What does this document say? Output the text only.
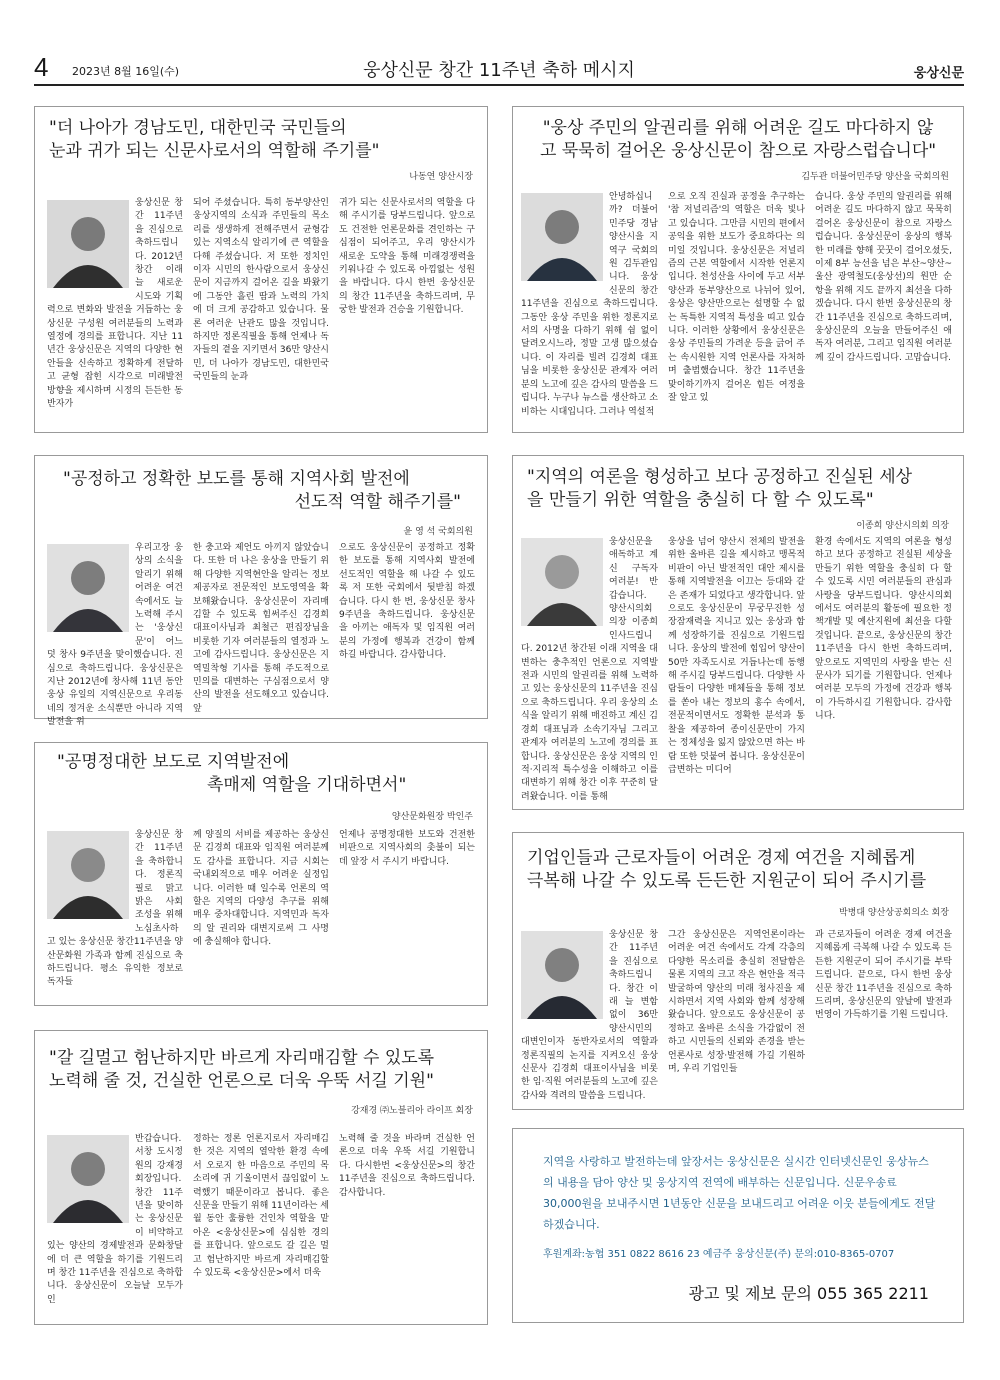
4 2023년 8월 16일(수)	웅상신문 창간 11주년 축하 메시지	웅상신문
"더 나아가 경남도민, 대한민국 국민들의
눈과 귀가 되는 신문사로서의 역할해 주기를"
나동연 양산시장

웅상신문 창간 11주년을 진심으로 축하드립니다. 2012년 창간 이래 늘 새로운 시도와 기획력으로 변화와 발전을 거듭하는 웅상신문 구성원 여러분들의 노력과 열정에 경의를 표합니다. 지난 11년간 웅상신문은 지역의 다양한 현안들을 신속하고 정확하게 전달하고 균형 잡힌 시각으로 미래발전 방향을 제시하며 시정의 든든한 동반자가

되어 주셨습니다. 특히 동부양산인 웅상지역의 소식과 주민들의 목소리를 생생하게 전해주면서 균형감 있는 지역소식 알리기에 큰 역할을 다해 주셨습니다. 저 또한 정치인이자 시민의 한사람으로서 웅상신문이 지금까지 걸어온 길을 봐왔기에 그동안 흘린 땀과 노력의 가치에 더 크게 공감하고 있습니다. 물론 여러운 난관도 많을 것입니다. 하지만 정론직필을 통해 언제나 독자들의 곁을 지키면서 36만 양산시민, 더 나아가 경남도민, 대한민국 국민들의 눈과

귀가 되는 신문사로서의 역할을 다해 주시기를 당부드립니다. 앞으로도 건전한 언론문화를 견인하는 구심점이 되어주고, 우리 양산시가 새로운 도약을 통해 미래경쟁력을 키워나갈 수 있도록 아낌없는 성원을 바랍니다. 다시 한번 웅상신문의 창간 11주년을 축하드리며, 무궁한 발전과 건승을 기원합니다.

"웅상 주민의 알권리를 위해 어려운 길도 마다하지 않
고 묵묵히 걸어온 웅상신문이 참으로 자랑스럽습니다"
김두관 더불어민주당 양산을 국회의원

안녕하십니까? 더불어민주당 경남 양산시을 지역구 국회의원 김두관입니다. 웅상신문의 창간 11주년을 진심으로 축하드립니다. 그동안 웅상 주민을 위한 정론지로서의 사명을 다하기 위해 쉼 없이 달려오시느라, 정말 고생 많으셨습니다. 이 자리를 빌려 김경희 대표님을 비롯한 웅상신문 관계자 여러분의 노고에 깊은 감사의 말씀을 드립니다. 누구나 뉴스를 생산하고 소비하는 시대입니다. 그러나 역설적

으로 오직 진실과 공정을 추구하는 '참 저널리즘'의 역할은 더욱 빛나고 있습니다. 그만큼 시민의 편에서 공익을 위한 보도가 중요하다는 의미일 것입니다. 웅상신문은 저널리즘의 근본 역할에서 시작한 언론지입니다. 천성산을 사이에 두고 서부 양산과 동부양산으로 나뉘어 있어, 웅상은 양산만으로는 설명할 수 없는 독특한 지역적 특성을 띠고 있습니다. 이러한 상황에서 웅상신문은 웅상 주민들의 가려운 등을 긁어 주는 속시원한 지역 언론사를 자처하며 출범했습니다. 창간 11주년을 맞이하기까지 걸어온 힘든 여정을 잘 알고 있

습니다. 웅상 주민의 알권리를 위해 어려운 길도 마다하지 않고 묵묵히 걸어온 웅상신문이 참으로 자랑스럽습니다. 웅상신문이 웅상의 행복한 미래를 향해 꿋꿋이 걸어오셨듯, 이제 8부 능선을 넘은 부산~양산~울산 광역철도(웅상선)의 원만 순항을 위해 지도 끝까지 최선을 다하겠습니다. 다시 한번 웅상신문의 창간 11주년을 진심으로 축하드리며, 웅상신문의 오늘을 만들어주신 애독자 여러분, 그리고 임직원 여러분께 깊이 감사드립니다. 고맙습니다.

"공정하고 정확한 보도를 통해 지역사회 발전에
선도적 역할 해주기를"
윤 영 석 국회의원

우리고장 웅상의 소식을 알리기 위해 어려운 여건 속에서도 늘 노력해 주시는 '웅상신문'이 어느덧 창사 9주년을 맞이했습니다. 진심으로 축하드립니다. 웅상신문은 지난 2012년에 창사해 11년 동안 웅상 유일의 지역신문으로 우리동네의 정겨운 소식뿐만 아니라 지역 발전을 위

한 충고와 제언도 아끼지 않았습니다. 또한 더 나은 웅상을 만들기 위해 다양한 지역현안을 알리는 정보제공자로 전문적인 보도영역을 확보해왔습니다. 웅상신문이 자리매김할 수 있도록 힘써주신 김경희 대표이사님과 최철근 편집장님을 비롯한 기자 여러분들의 열정과 노고에 감사드립니다. 웅상신문은 지역밀착형 기사를 통해 주도적으로 민의를 대변하는 구심점으로서 양산의 발전을 선도해오고 있습니다. 앞

으로도 웅상신문이 공정하고 정확한 보도를 통해 지역사회 발전에 선도적인 역할을 해 나갈 수 있도록 저 또한 국회에서 뒷받침 하겠습니다. 다시 한 번, 웅상신문 창사 9주년을 축하드립니다. 웅상신문을 아끼는 애독자 및 임직원 여러분의 가정에 행복과 건강이 함께 하길 바랍니다. 감사합니다.

"지역의 여론을 형성하고 보다 공정하고 진실된 세상
을 만들기 위한 역할을 충실히 다 할 수 있도록"
이종희 양산시의회 의장

웅상신문을 애독하고 계신 구독자 여러분! 반갑습니다. 양산시의회 의장 이종희 인사드립니다. 2012년 창간된 이래 지역을 대변하는 충추적인 언론으로 지역발전과 시민의 알권리를 위해 노력하고 있는 웅상신문의 11주년을 진심으로 축하드립니다. 우리 웅상의 소식을 알리기 위해 매진하고 계신 김경희 대표님과 소속기자님 그리고 관계자 여러분의 노고에 경의를 표합니다. 웅상신문은 웅상 지역의 인적·지리적 특수성을 이해하고 이를 대변하기 위해 창간 이후 꾸준히 달려왔습니다. 이를 통해

웅상을 넘어 양산시 전체의 발전을 위한 올바른 길을 제시하고 맹목적 비판이 아닌 발전적인 대안 제시를 통해 지역발전을 이끄는 등대와 같은 존재가 되었다고 생각합니다. 앞으로도 웅상신문이 무궁무진한 성장잠재력을 지니고 있는 웅상과 함께 성장하기를 진심으로 기원드립니다. 웅상의 발전에 힘입어 양산이 50만 자족도시로 거듭나는데 동행해 주시길 당부드립니다. 다양한 사람들이 다양한 매체들을 통해 정보를 쏟아 내는 정보의 홍수 속에서, 전문적이면서도 정확한 분석과 통찰을 제공하여 종이신문만이 가지는 정체성을 잃지 않았으면 하는 바람 또한 덧붙여 봅니다. 웅상신문이 급변하는 미디어

환경 속에서도 지역의 여론을 형성하고 보다 공정하고 진실된 세상을 만들기 위한 역할을 충실히 다 할 수 있도록 시민 여러분들의 관심과 사랑을 당부드립니다. 양산시의회에서도 여러분의 활동에 필요한 정책개발 및 예산지원에 최선을 다할 것입니다. 끝으로, 웅상신문의 창간 11주년을 다시 한번 축하드리며, 앞으로도 지역민의 사랑을 받는 신문사가 되기를 기원합니다. 언제나 여러분 모두의 가정에 건강과 행복이 가득하시길 기원합니다. 감사합니다.

"공명정대한 보도로 지역발전에
촉매제 역할을 기대하면서"
양산문화원장 박인주

웅상신문 창간 11주년을 축하합니다. 정론직필로 맑고 밝은 사회 조성을 위해 노심초사하고 있는 웅상신문 창간11주년을 양산문화원 가족과 함께 진심으로 축하드립니다. 평소 유익한 정보로 독자들

께 양질의 서비를 제공하는 웅상신문 김경희 대표와 임직원 여러분께도 감사를 표합니다. 지금 시회는 국내외적으로 매우 어려운 실정입니다. 이러한 때 일수록 언론의 역할은 지역의 다양성 추구를 위해 매우 중차대합니다. 지역민과 독자의 알 권리와 대변지로써 그 사명에 충실해야 합니다.

언제나 공명정대한 보도와 건전한 비판으로 지역사회의 촛불이 되는데 앞장 서 주시기 바랍니다.	기업인들과 근로자들이 어려운 경제 여건을 지혜롭게
극복해 나갈 수 있도록 든든한 지원군이 되어 주시기를
박병대 양산상공회의소 회장

웅상신문 창간 11주년을 진심으로 축하드립니다. 창간 이래 늘 변함없이 36만 양산시민의 대변인이자 동반자로서의 역할과 정론직필의 논지를 지켜오신 웅상신문사 김경희 대표이사님을 비롯한 임·직원 여러분들의 노고에 깊은 감사와 격려의 말씀을 드립니다.

그간 웅상신문은 지역언론이라는 어려운 여건 속에서도 각계 각층의 다양한 목소리를 충실히 전달함은 물론 지역의 크고 작은 현안을 적극 발굴하여 양산의 미래 청사진을 제시하면서 지역 사회와 함께 성장해 왔습니다. 앞으로도 웅상신문이 공정하고 올바른 소식을 가감없이 전하고 시민들의 신뢰와 존경을 받는 언론사로 성장·발전해 가길 기원하며, 우리 기업인들

과 근로자들이 어려운 경제 여건을 지혜롭게 극복해 나갈 수 있도록 든든한 지원군이 되어 주시기를 부탁드립니다. 끝으로, 다시 한번 웅상신문 창간 11주년을 진심으로 축하드리며, 웅상신문의 앞날에 발전과 번영이 가득하기를 기원 드립니다.

"갈 길멀고 험난하지만 바르게 자리매김할 수 있도록
노력해 줄 것, 건실한 언론으로 더욱 우뚝 서길 기원"
강재경 ㈜노블리아 라이프 회장

반갑습니다. 서창 도시정원의 강재경 회장입니다. 창간 11주년을 맞이하는 웅상신문이 비약하고 있는 양산의 경제발전과 문화창달에 더 큰 역할을 하기를 기원드리며 창간 11주년을 진심으로 축하합니다. 웅상신문이 오늘날 모두가 인

정하는 정론 언론지로서 자리매김한 것은 지역의 열악한 환경 속에서 오로지 한 마음으로 주민의 목소리에 귀 기울이면서 끊임없이 노력했기 때문이라고 봅니다. 좋은 신문을 만들기 위해 11년이라는 세월 동안 훌륭한 건인차 역할을 맡아온 <웅상신문>에 심심한 경의를 표합니다. 앞으로도 갈 길은 멀고 험난하지만 바르게 자리매김할 수 있도록 <웅상신문>에서 더욱

노력해 줄 것을 바라며 건실한 언론으로 더욱 우뚝 서길 기원합니다. 다시한번 <웅상신문>의 창간 11주년을 진심으로 축하드립니다. 감사합니다.

지역을 사랑하고 발전하는데 앞장서는 웅상신문은 실시간 인터넷신문인 웅상뉴스의 내용을 담아 양산 및 웅상지역 전역에 배부하는 신문입니다. 신문우송료 30,000원을 보내주시면 1년동안 신문을 보내드리고 어려운 이웃 분들에게도 전달하겠습니다.
후원계좌:농협 351 0822 8616 23 예금주 웅상신문(주) 문의:010-8365-0707
광고 및 제보 문의 055 365 2211
